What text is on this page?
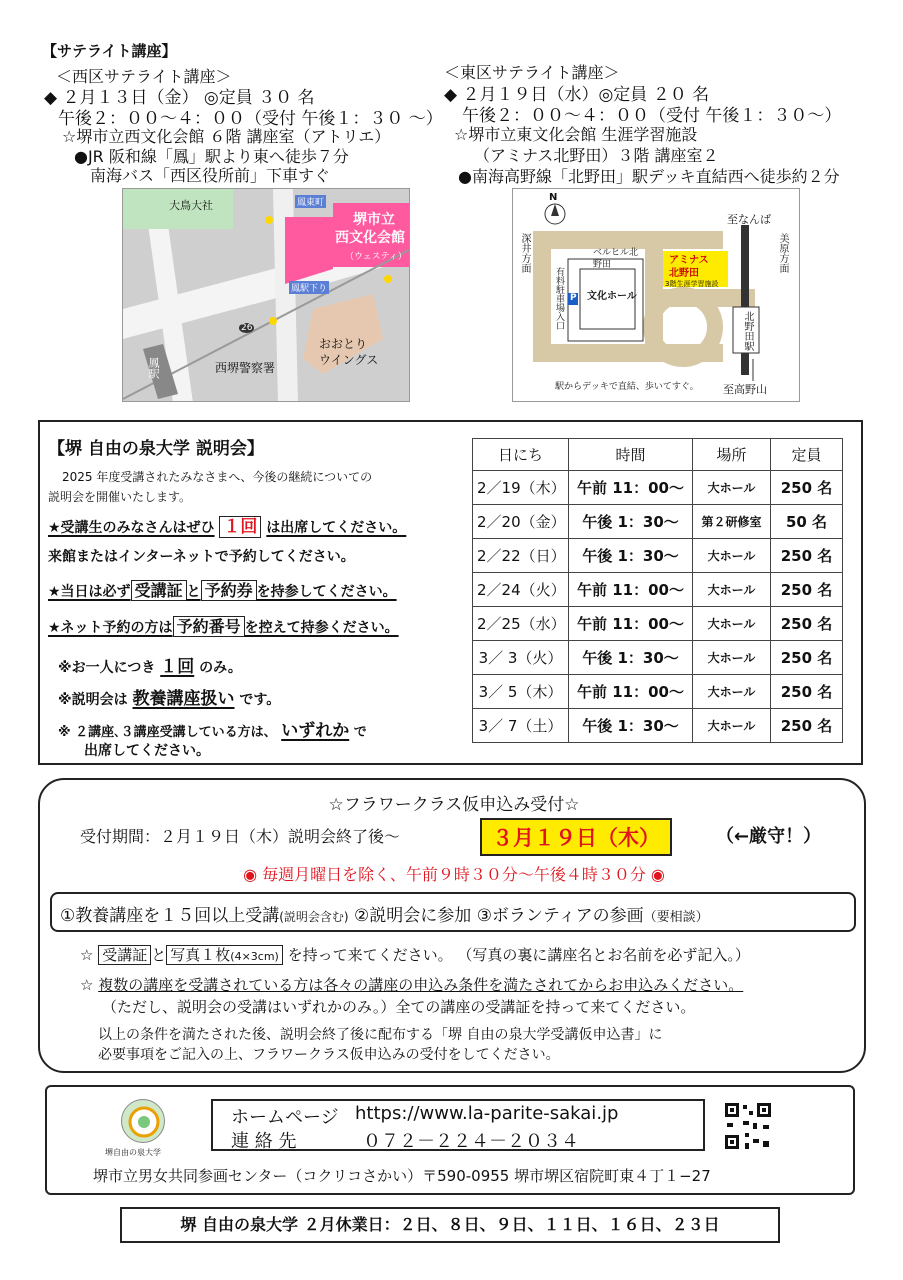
【サテライト講座】
＜西区サテライト講座＞
◆ ２月１３日（金） ◎定員 ３０ 名
午後２：００～４：００（受付 午後１：３０ ～）
☆堺市立西文化会館 ６階 講座室（アトリエ）
●JR 阪和線「鳳」駅より東へ徒歩７分
南海バス「西区役所前」下車すぐ
大鳥大社	鳳東町
堺市立
西文化会館
（ウェスティ）
鳳駅下り
26
おおとり
ウイングス
西堺警察署
鳳駅
＜東区サテライト講座＞
◆ ２月１９日（水）◎定員 ２０ 名
午後２：００～４：００（受付 午後１：３０～）
☆堺市立東文化会館 生涯学習施設
（アミナス北野田）３階 講座室２
●南海高野線「北野田」駅デッキ直結西へ徒歩約２分
N
至なんば
至高野山
深井方面	美原方面
有料駐車場入口
ベルヒル北野田	アミナス
北野田
3階生涯学習施設
文化ホール
P
北野田駅
駅からデッキで直結、歩いてすぐ。
【堺 自由の泉大学 説明会】
2025 年度受講されたみなさまへ、今後の継続についての
説明会を開催いたします。
★受講生のみなさんはぜひ １回 は出席してください。
来館またはインターネットで予約してください。
★当日は必ず 受講証 と 予約券 を持参してください。
★ネット予約の方は 予約番号 を控えて持参ください。
※お一人につき １回 のみ。
※説明会は 教養講座扱い です。
※ ２講座､３講座受講している方は、 いずれか で
出席してください。
日にち	時間	場所	定員
2／19（木）	午前 11：00～	大ホール	250 名
2／20（金）	午後 1：30～	第２研修室	50 名
2／22（日）	午後 1：30～	大ホール	250 名
2／24（火）	午前 11：00～	大ホール	250 名
2／25（水）	午前 11：00～	大ホール	250 名
3／ 3（火）	午後 1：30～	大ホール	250 名
3／ 5（木）	午前 11：00～	大ホール	250 名
3／ 7（土）	午後 1：30～	大ホール	250 名
☆フラワークラス仮申込み受付☆
受付期間：２月１９日（木）説明会終了後～	３月１９日（木）	（←厳守！）
◉ 毎週月曜日を除く、午前９時３０分～午後４時３０分 ◉
①教養講座を１５回以上受講(説明会含む) ②説明会に参加 ③ボランティアの参画（要相談）
☆ 受講証 と 写真１枚(4×3cm) を持って来てください。 （写真の裏に講座名とお名前を必ず記入。）
☆ 複数の講座を受講されている方は各々の講座の申込み条件を満たされてからお申込みください。
（ただし、説明会の受講はいずれかのみ。）全ての講座の受講証を持って来てください。
以上の条件を満たされた後、説明会終了後に配布する「堺 自由の泉大学受講仮申込書」に
必要事項をご記入の上、フラワークラス仮申込みの受付をしてください。
堺自由の泉大学
ホームページ https://www.la-parite-sakai.jp
連 絡 先	０７２－２２４－２０３４
堺市立男女共同参画センター（コクリコさかい）〒590-0955 堺市堺区宿院町東４丁１−27
堺 自由の泉大学 ２月休業日：２日、８日、９日、１１日、１６日、２３日
